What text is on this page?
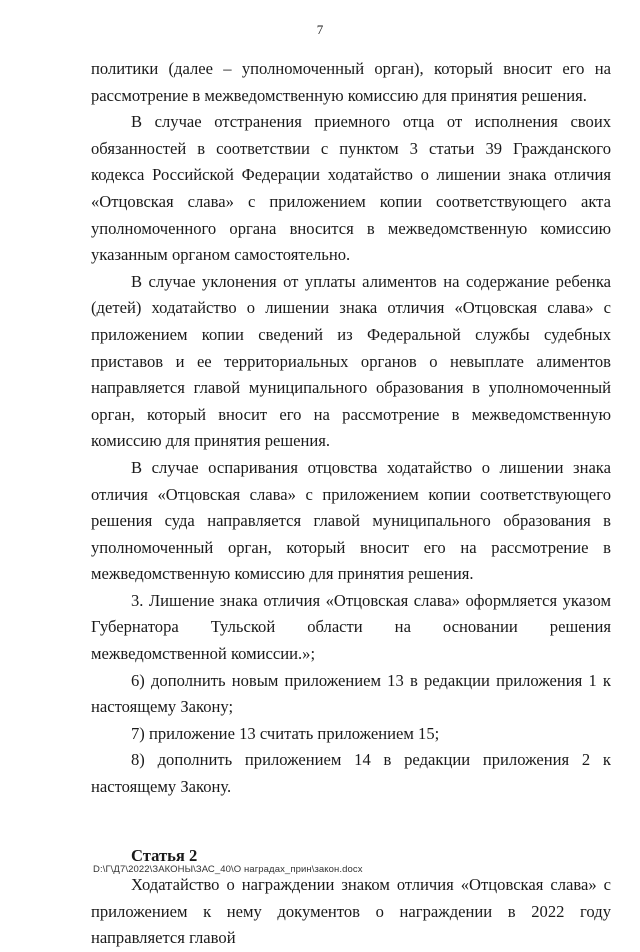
7

политики (далее – уполномоченный орган), который вносит его на рассмотрение в межведомственную комиссию для принятия решения.

В случае отстранения приемного отца от исполнения своих обязанностей в соответствии с пунктом 3 статьи 39 Гражданского кодекса Российской Федерации ходатайство о лишении знака отличия «Отцовская слава» с приложением копии соответствующего акта уполномоченного органа вносится в межведомственную комиссию указанным органом самостоятельно.

В случае уклонения от уплаты алиментов на содержание ребенка (детей) ходатайство о лишении знака отличия «Отцовская слава» с приложением копии сведений из Федеральной службы судебных приставов и ее территориальных органов о невыплате алиментов направляется главой муниципального образования в уполномоченный орган, который вносит его на рассмотрение в межведомственную комиссию для принятия решения.

В случае оспаривания отцовства ходатайство о лишении знака отличия «Отцовская слава» с приложением копии соответствующего решения суда направляется главой муниципального образования в уполномоченный орган, который вносит его на рассмотрение в межведомственную комиссию для принятия решения.

3. Лишение знака отличия «Отцовская слава» оформляется указом Губернатора Тульской области на основании решения межведомственной комиссии.»;

6) дополнить новым приложением 13 в редакции приложения 1 к настоящему Закону;

7) приложение 13 считать приложением 15;

8) дополнить приложением 14 в редакции приложения 2 к настоящему Закону.

Статья 2

Ходатайство о награждении знаком отличия «Отцовская слава» с приложением к нему документов о награждении в 2022 году направляется главой

D:\Г\Д7\2022\ЗАКОНЫ\ЗАС_40\О наградах_прин\закон.docx
